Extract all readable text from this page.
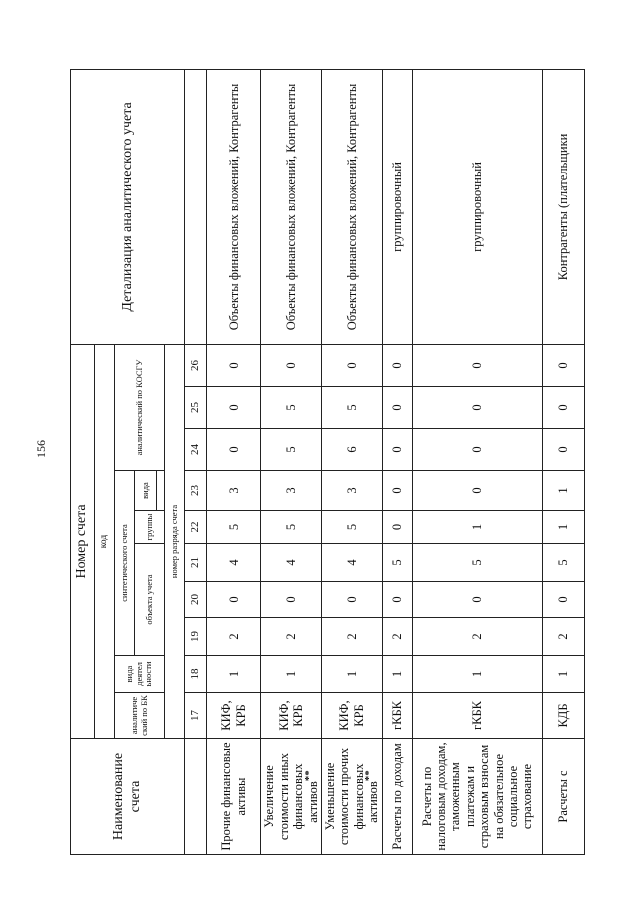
156
Наименование счета	Номер счета										Детализация аналитического учета
	код										
	аналитиче ский по БК	вида деятел ьности	синтетического счета					аналитический по КОСГУ			
			объекта учета			группы	вида				

	номер разряда счета										
	17	18	19	20	21	22	23	24	25	26	
Прочие финансовые активы	КИФ, КРБ	1	2	0	4	5	3	0	0	0	Объекты финансовых вложений, Контрагенты
Увеличение стоимости иных финансовых активов**	КИФ, КРБ	1	2	0	4	5	3	5	5	0	Объекты финансовых вложений, Контрагенты
Уменьшение стоимости прочих финансовых активов**	КИФ, КРБ	1	2	0	4	5	3	6	5	0	Объекты финансовых вложений, Контрагенты
Расчеты по доходам	гКБК	1	2	0	5	0	0	0	0	0	группировочный
Расчеты по налоговым доходам, таможенным платежам и страховым взносам на обязательное социальное страхование	гКБК	1	2	0	5	1	0	0	0	0	группировочный
Расчеты с	КДБ	1	2	0	5	1	1	0	0	0	Контрагенты (плательщики
